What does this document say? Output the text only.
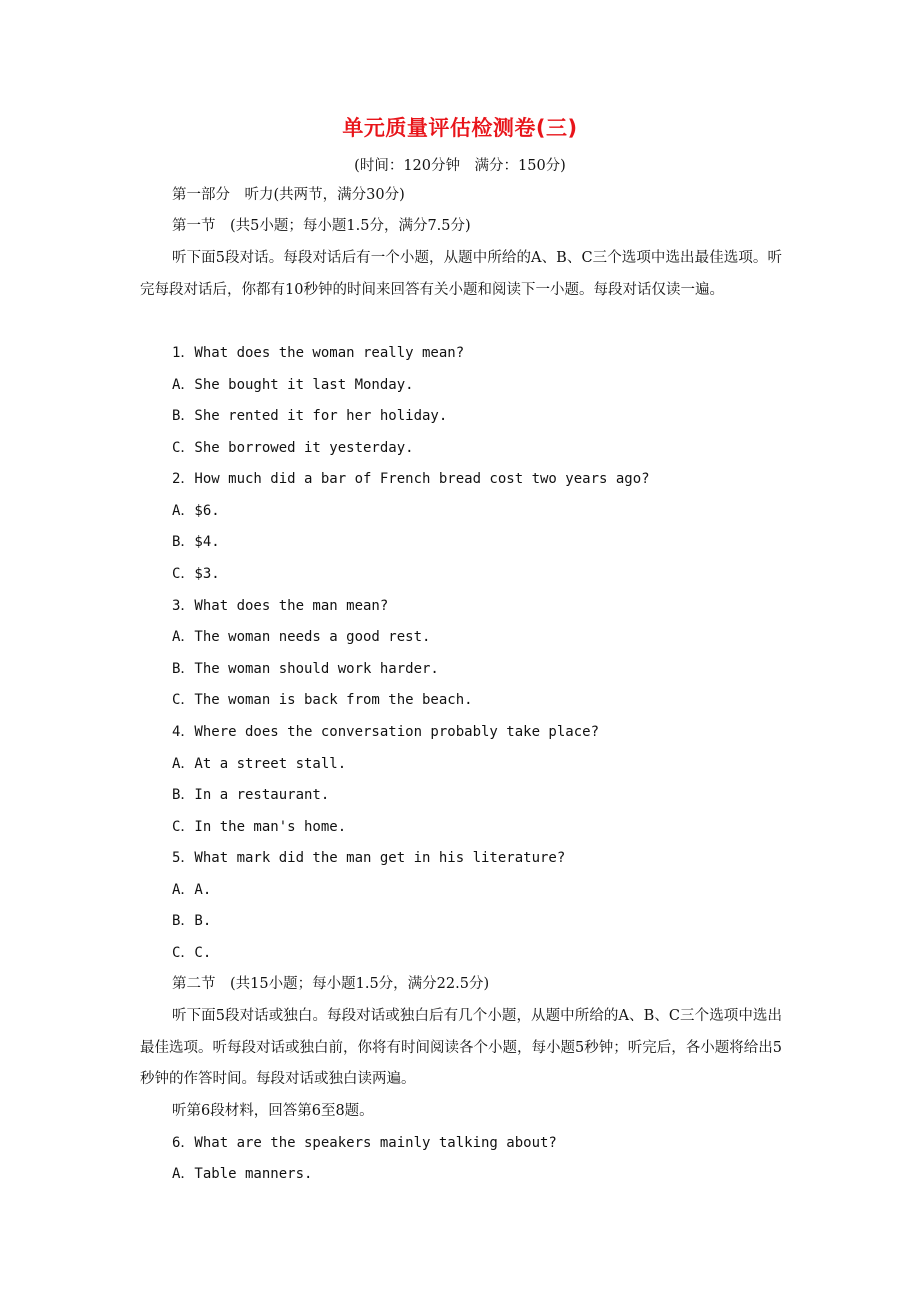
单元质量评估检测卷(三)
(时间：120分钟　满分：150分)
第一部分　听力(共两节，满分30分)
第一节　(共5小题；每小题1.5分，满分7.5分)
听下面5段对话。每段对话后有一个小题，从题中所给的A、B、C三个选项中选出最佳选项。听完每段对话后，你都有10秒钟的时间来回答有关小题和阅读下一小题。每段对话仅读一遍。
1．What does the woman really mean?
A．She bought it last Monday.
B．She rented it for her holiday.
C．She borrowed it yesterday.
2．How much did a bar of French bread cost two years ago?
A．$6.
B．$4.
C．$3.
3．What does the man mean?
A．The woman needs a good rest.
B．The woman should work harder.
C．The woman is back from the beach.
4．Where does the conversation probably take place?
A．At a street stall.
B．In a restaurant.
C．In the man's home.
5．What mark did the man get in his literature?
A．A.
B．B.
C．C.
第二节　(共15小题；每小题1.5分，满分22.5分)
听下面5段对话或独白。每段对话或独白后有几个小题，从题中所给的A、B、C三个选项中选出最佳选项。听每段对话或独白前，你将有时间阅读各个小题，每小题5秒钟；听完后，各小题将给出5秒钟的作答时间。每段对话或独白读两遍。
听第6段材料，回答第6至8题。
6．What are the speakers mainly talking about?
A．Table manners.
